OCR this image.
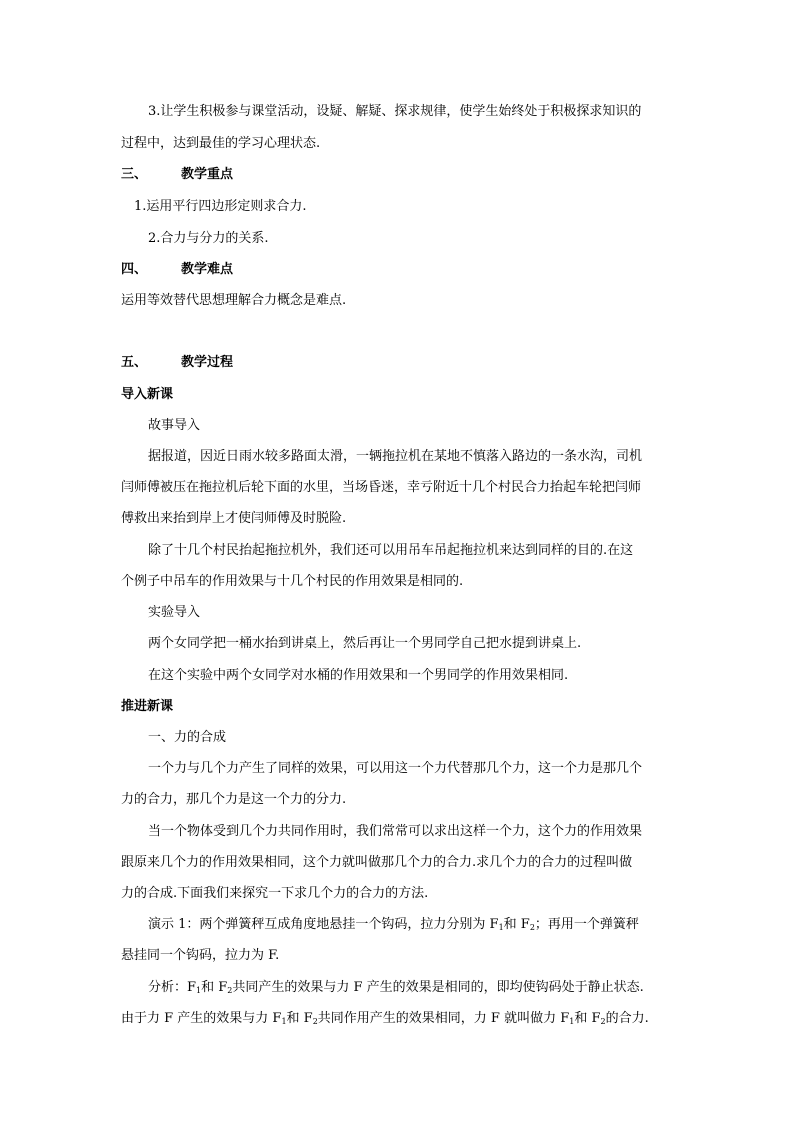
3.让学生积极参与课堂活动，设疑、解疑、探求规律，使学生始终处于积极探求知识的
过程中，达到最佳的学习心理状态.
三、	教学重点
1.运用平行四边形定则求合力.
2.合力与分力的关系.
四、	教学难点
运用等效替代思想理解合力概念是难点.
五、	教学过程
导入新课
故事导入
据报道，因近日雨水较多路面太滑，一辆拖拉机在某地不慎落入路边的一条水沟，司机
闫师傅被压在拖拉机后轮下面的水里，当场昏迷，幸亏附近十几个村民合力抬起车轮把闫师
傅救出来抬到岸上才使闫师傅及时脱险.
除了十几个村民抬起拖拉机外，我们还可以用吊车吊起拖拉机来达到同样的目的.在这
个例子中吊车的作用效果与十几个村民的作用效果是相同的.
实验导入
两个女同学把一桶水抬到讲桌上，然后再让一个男同学自己把水提到讲桌上.
在这个实验中两个女同学对水桶的作用效果和一个男同学的作用效果相同.
推进新课
一、力的合成
一个力与几个力产生了同样的效果，可以用这一个力代替那几个力，这一个力是那几个
力的合力，那几个力是这一个力的分力.
当一个物体受到几个力共同作用时，我们常常可以求出这样一个力，这个力的作用效果
跟原来几个力的作用效果相同，这个力就叫做那几个力的合力.求几个力的合力的过程叫做
力的合成.下面我们来探究一下求几个力的合力的方法.
演示 1：两个弹簧秤互成角度地悬挂一个钩码，拉力分别为 $F_1$和 $F_2$；再用一个弹簧秤
悬挂同一个钩码，拉力为 F.
分析：$F_1$和 $F_2$共同产生的效果与力 F 产生的效果是相同的，即均使钩码处于静止状态.
由于力 F 产生的效果与力 $F_1$和 $F_2$共同作用产生的效果相同，力 F 就叫做力 $F_1$和 $F_2$的合力.
